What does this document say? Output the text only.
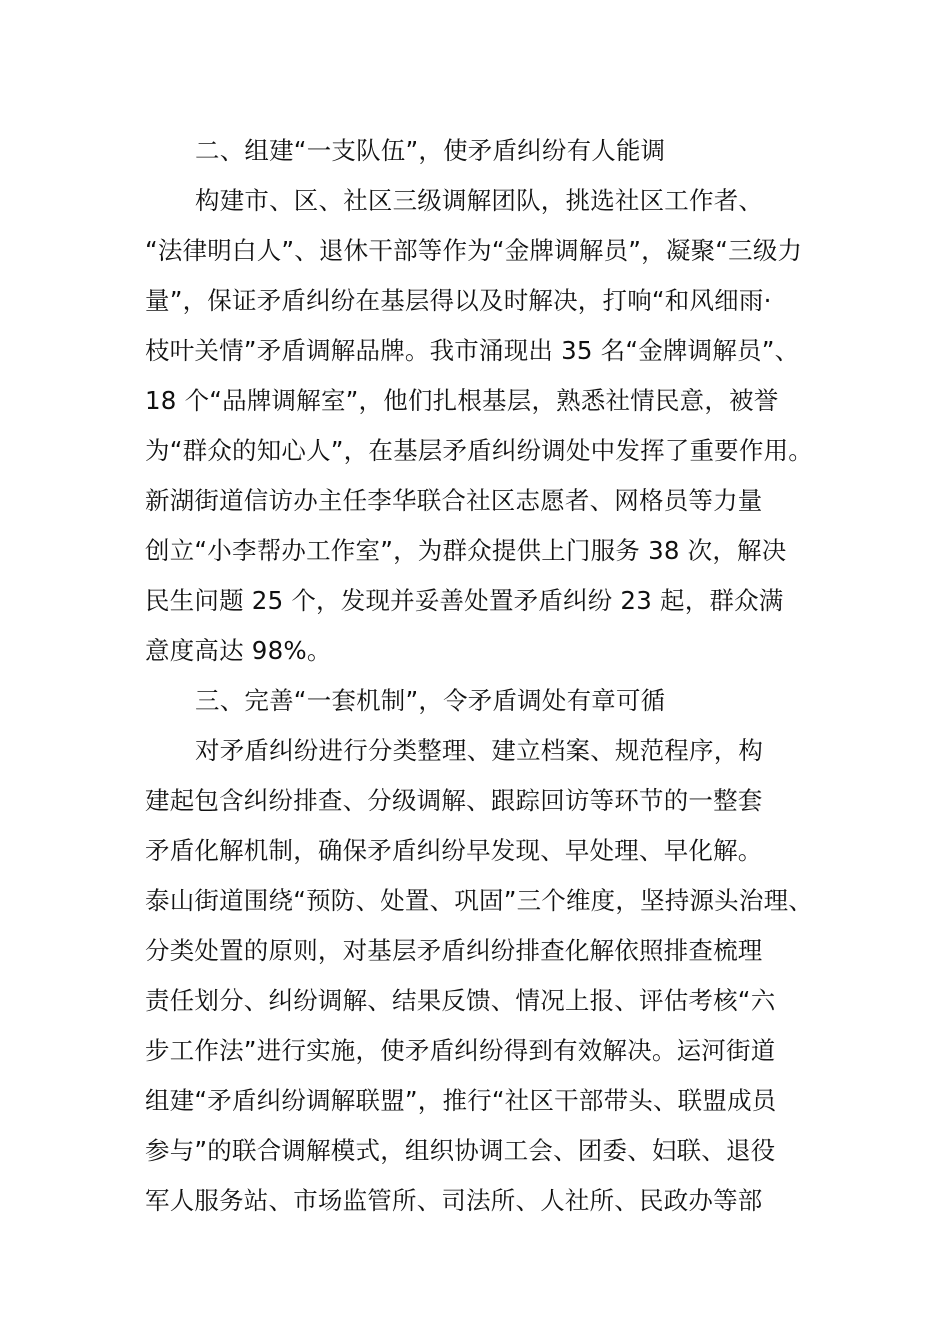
二、组建“一支队伍”，使矛盾纠纷有人能调
构建市、区、社区三级调解团队，挑选社区工作者、
“法律明白人”、退休干部等作为“金牌调解员”，凝聚“三级力
量”，保证矛盾纠纷在基层得以及时解决，打响“和风细雨·
枝叶关情”矛盾调解品牌。我市涌现出 35 名“金牌调解员”、
18 个“品牌调解室”，他们扎根基层，熟悉社情民意，被誉
为“群众的知心人”，在基层矛盾纠纷调处中发挥了重要作用。
新湖街道信访办主任李华联合社区志愿者、网格员等力量
创立“小李帮办工作室”，为群众提供上门服务 38 次，解决
民生问题 25 个，发现并妥善处置矛盾纠纷 23 起，群众满
意度高达 98%。
三、完善“一套机制”，令矛盾调处有章可循
对矛盾纠纷进行分类整理、建立档案、规范程序，构
建起包含纠纷排查、分级调解、跟踪回访等环节的一整套
矛盾化解机制，确保矛盾纠纷早发现、早处理、早化解。
泰山街道围绕“预防、处置、巩固”三个维度，坚持源头治理、
分类处置的原则，对基层矛盾纠纷排查化解依照排查梳理
责任划分、纠纷调解、结果反馈、情况上报、评估考核“六
步工作法”进行实施，使矛盾纠纷得到有效解决。运河街道
组建“矛盾纠纷调解联盟”，推行“社区干部带头、联盟成员
参与”的联合调解模式，组织协调工会、团委、妇联、退役
军人服务站、市场监管所、司法所、人社所、民政办等部
